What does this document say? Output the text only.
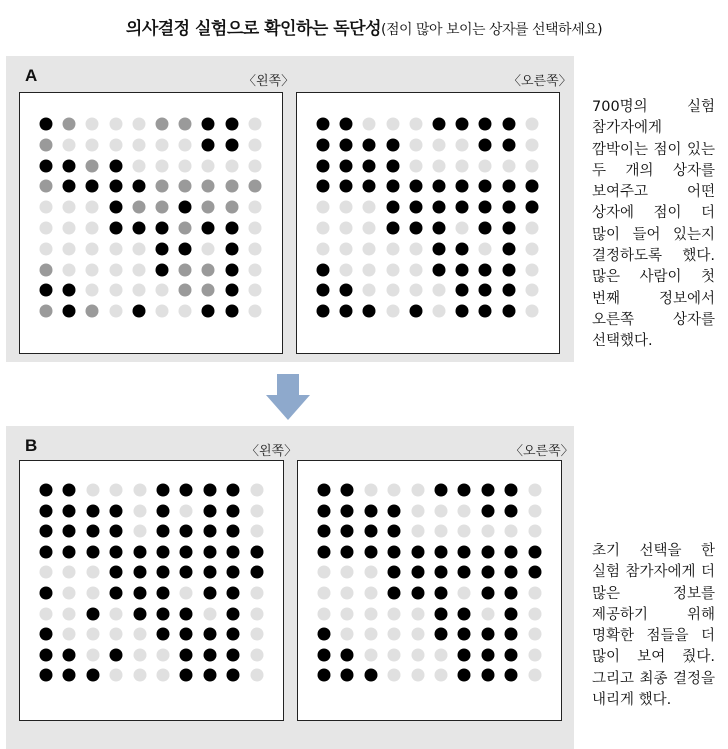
의사결정 실험으로 확인하는 독단성(점이 많아 보이는 상자를 선택하세요)
A	〈왼쪽〉	〈오른쪽〉
700명의 실험 참가자에게 깜박이는 점이 있는 두 개의 상자를 보여주고 어떤 상자에 점이 더 많이 들어 있는지 결정하도록 했다. 많은 사람이 첫 번째 정보에서 오른쪽 상자를 선택했다.
B	〈왼쪽〉	〈오른쪽〉
초기 선택을 한 실험 참가자에게 더 많은 정보를 제공하기 위해 명확한 점들을 더 많이 보여 줬다. 그리고 최종 결정을 내리게 했다.
